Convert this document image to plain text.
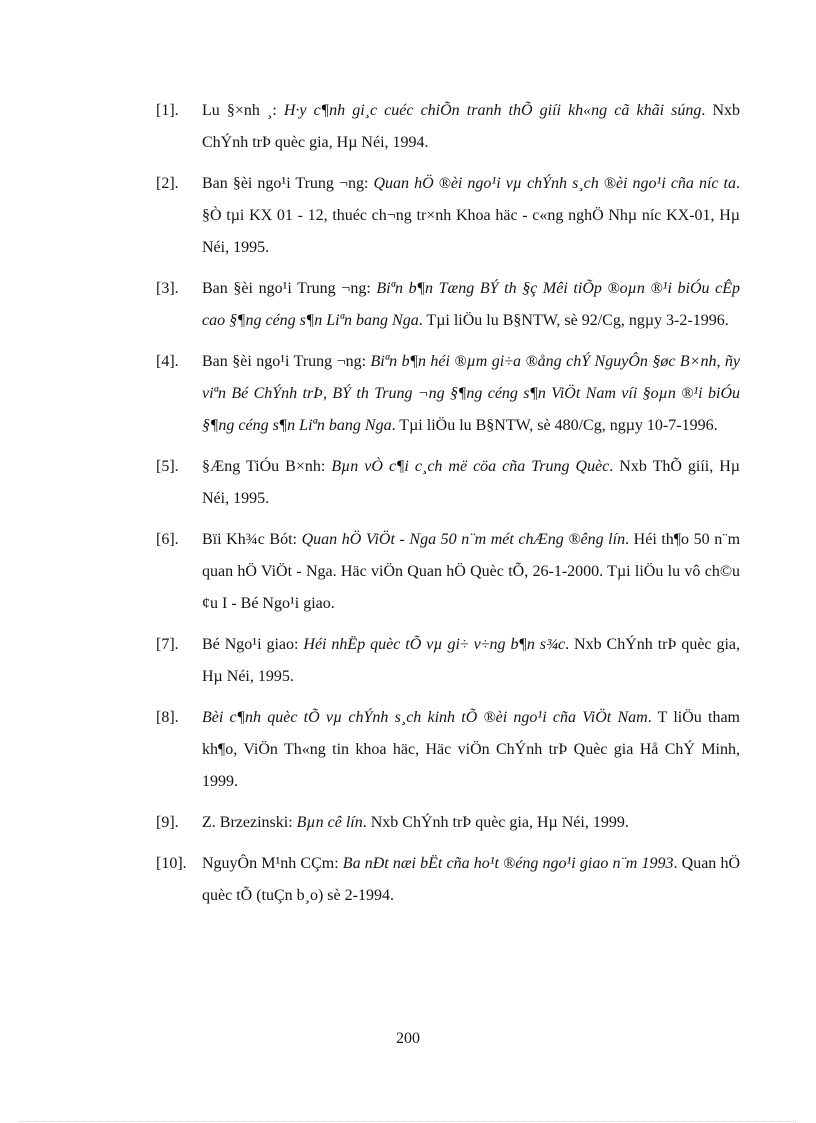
[1].	Lu §×nh ¸: H·y c¶nh gi¸c cuéc chiÕn tranh thÕ giíi kh«ng cã khãi súng. Nxb ChÝnh trÞ quèc gia, Hµ Néi, 1994.
[2].	Ban §èi ngo¹i Trung ¬ng: Quan hÖ ®èi ngo¹i vµ chÝnh s¸ch ®èi ngo¹i cña níc ta. §Ò tµi KX 01 - 12, thuéc ch¬ng tr×nh Khoa häc - c«ng nghÖ Nhµ níc KX-01, Hµ Néi, 1995.
[3].	Ban §èi ngo¹i Trung ¬ng: Biªn b¶n Tæng BÝ th §ç Mêi tiÕp ®oµn ®¹i biÓu cÊp cao §¶ng céng s¶n Liªn bang Nga. Tµi liÖu lu B§NTW, sè 92/Cg, ngµy 3-2-1996.
[4].	Ban §èi ngo¹i Trung ¬ng: Biªn b¶n héi ®µm gi÷a ®ång chÝ NguyÔn §øc B×nh, ñy viªn Bé ChÝnh trÞ, BÝ th Trung ¬ng §¶ng céng s¶n ViÖt Nam víi §oµn ®¹i biÓu §¶ng céng s¶n Liªn bang Nga. Tµi liÖu lu B§NTW, sè 480/Cg, ngµy 10-7-1996.
[5].	§Æng TiÓu B×nh: Bµn vÒ c¶i c¸ch më cöa cña Trung Quèc. Nxb ThÕ giíi, Hµ Néi, 1995.
[6].	Bïi Kh¾c Bót: Quan hÖ ViÖt - Nga 50 n¨m mét chÆng ®êng lín. Héi th¶o 50 n¨m quan hÖ ViÖt - Nga. Häc viÖn Quan hÖ Quèc tÕ, 26-1-2000. Tµi liÖu lu vô ch©u ¢u I - Bé Ngo¹i giao.
[7].	Bé Ngo¹i giao: Héi nhËp quèc tÕ vµ gi÷ v÷ng b¶n s¾c. Nxb ChÝnh trÞ quèc gia, Hµ Néi, 1995.
[8].	Bèi c¶nh quèc tÕ vµ chÝnh s¸ch kinh tÕ ®èi ngo¹i cña ViÖt Nam. T liÖu tham kh¶o, ViÖn Th«ng tin khoa häc, Häc viÖn ChÝnh trÞ Quèc gia Hå ChÝ Minh, 1999.
[9].	Z. Brzezinski: Bµn cê lín. Nxb ChÝnh trÞ quèc gia, Hµ Néi, 1999.
[10]. NguyÔn M¹nh CÇm: Ba nÐt næi bËt cña ho¹t ®éng ngo¹i giao n¨m 1993. Quan hÖ quèc tÕ (tuÇn b¸o) sè 2-1994.
200
